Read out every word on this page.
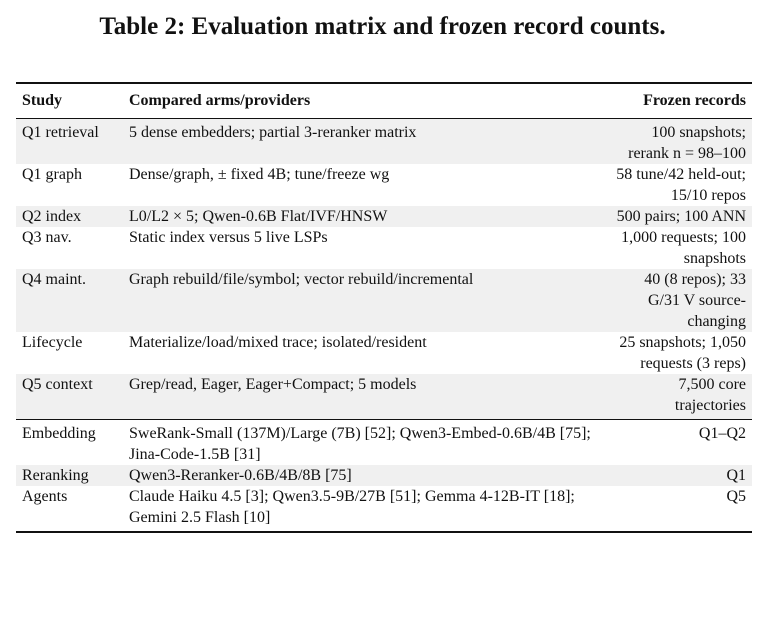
Table 2: Evaluation matrix and frozen record counts.
Study	Compared arms/providers	Frozen records
Q1 retrieval	5 dense embedders; partial 3-reranker matrix	100 snapshots; rerank n = 98–100
Q1 graph	Dense/graph, ± fixed 4B; tune/freeze wg	58 tune/42 held-out; 15/10 repos
Q2 index	L0/L2 × 5; Qwen-0.6B Flat/IVF/HNSW	500 pairs; 100 ANN
Q3 nav.	Static index versus 5 live LSPs	1,000 requests; 100 snapshots
Q4 maint.	Graph rebuild/file/symbol; vector rebuild/incremental	40 (8 repos); 33 G/31 V source-changing
Lifecycle	Materialize/load/mixed trace; isolated/resident	25 snapshots; 1,050 requests (3 reps)
Q5 context	Grep/read, Eager, Eager+Compact; 5 models	7,500 core trajectories
Embedding	SweRank-Small (137M)/Large (7B) [52]; Qwen3-Embed-0.6B/4B [75]; Jina-Code-1.5B [31]	Q1–Q2
Reranking	Qwen3-Reranker-0.6B/4B/8B [75]	Q1
Agents	Claude Haiku 4.5 [3]; Qwen3.5-9B/27B [51]; Gemma 4-12B-IT [18]; Gemini 2.5 Flash [10]	Q5
